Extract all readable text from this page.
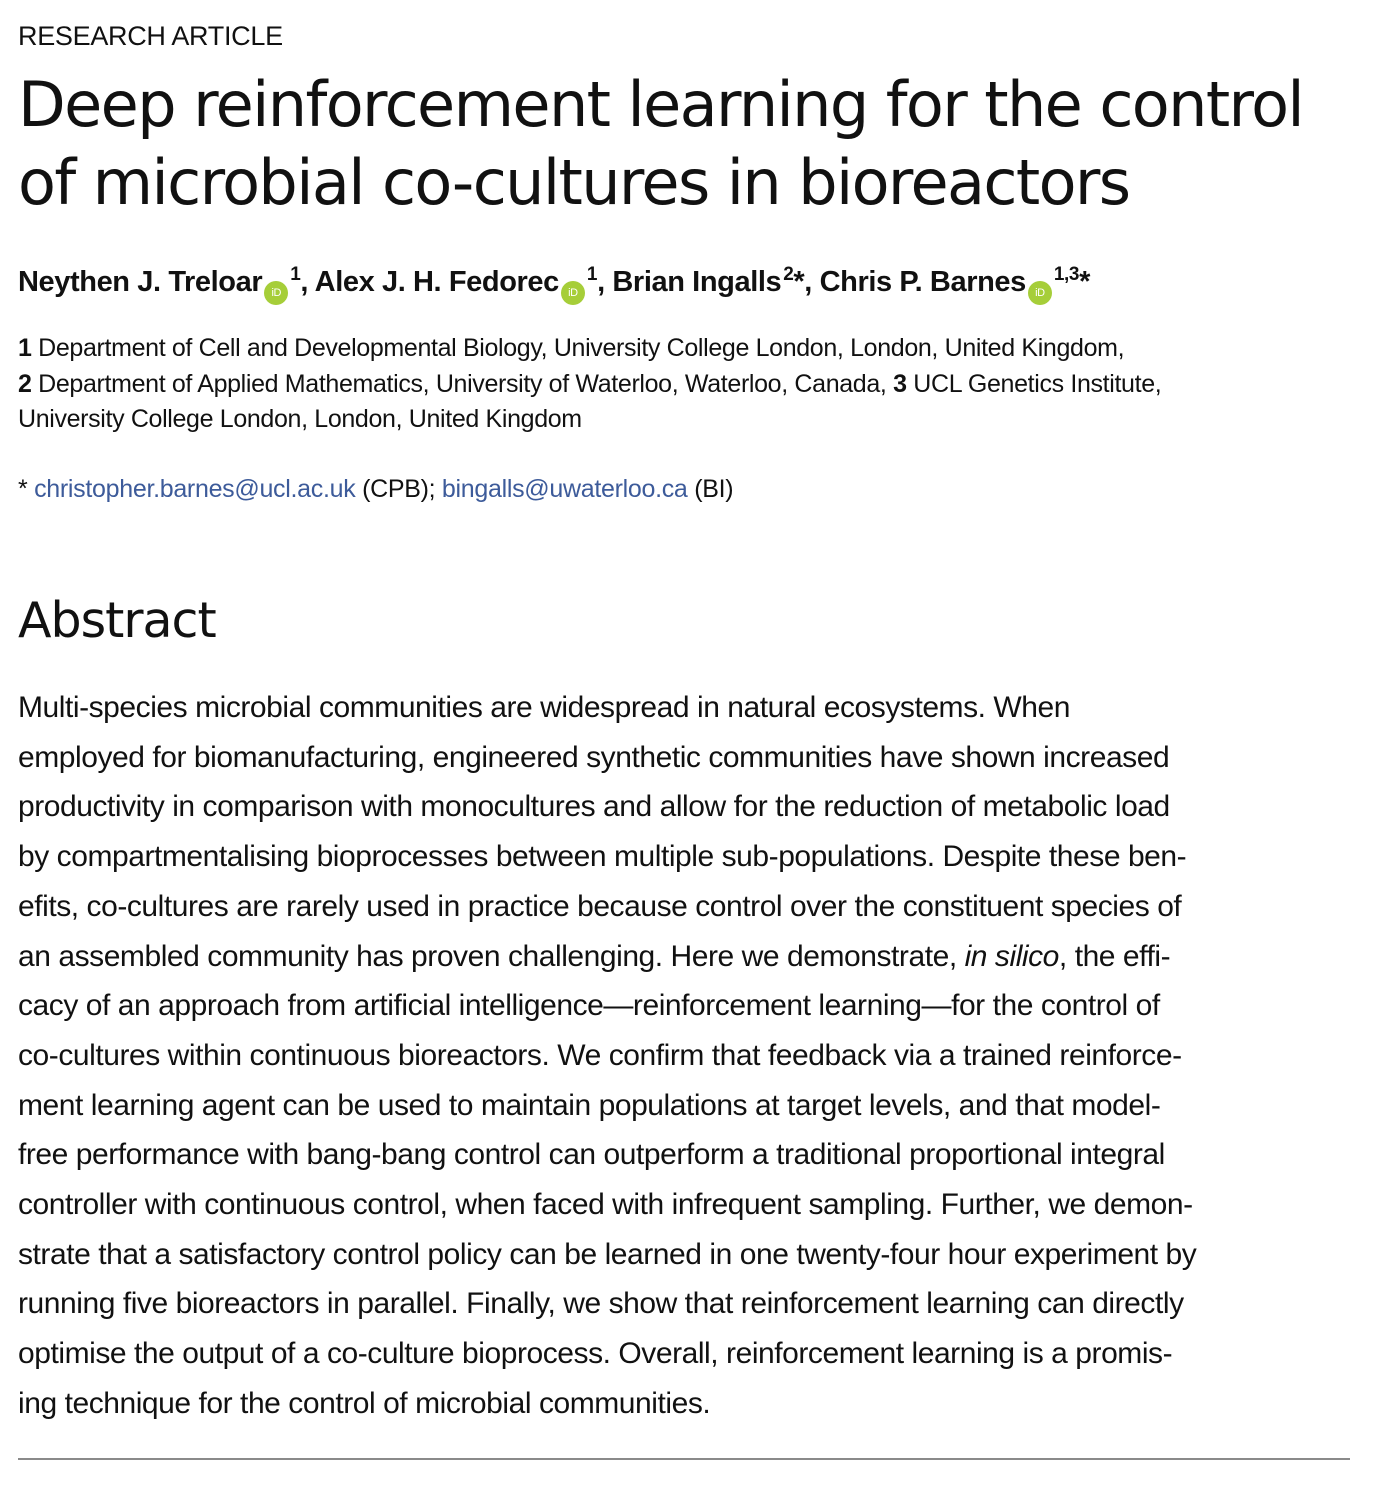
RESEARCH ARTICLE
Deep reinforcement learning for the control
of microbial co-cultures in bioreactors
Neythen J. Treloar $iD^1$, Alex J. H. Fedorec $iD^1$, Brian Ingalls $^2$*, Chris P. Barnes iD$^{1,3}$*
1 Department of Cell and Developmental Biology, University College London, London, United Kingdom,
2 Department of Applied Mathematics, University of Waterloo, Waterloo, Canada, 3 UCL Genetics Institute,
University College London, London, United Kingdom
* christopher.barnes@ucl.ac.uk (CPB); bingalls@uwaterloo.ca (BI)
Abstract
Multi-species microbial communities are widespread in natural ecosystems. When
employed for biomanufacturing, engineered synthetic communities have shown increased
productivity in comparison with monocultures and allow for the reduction of metabolic load
by compartmentalising bioprocesses between multiple sub-populations. Despite these ben-
efits, co-cultures are rarely used in practice because control over the constituent species of
an assembled community has proven challenging. Here we demonstrate, in silico, the effi-
cacy of an approach from artificial intelligence—reinforcement learning—for the control of
co-cultures within continuous bioreactors. We confirm that feedback via a trained reinforce-
ment learning agent can be used to maintain populations at target levels, and that model-
free performance with bang-bang control can outperform a traditional proportional integral
controller with continuous control, when faced with infrequent sampling. Further, we demon-
strate that a satisfactory control policy can be learned in one twenty-four hour experiment by
running five bioreactors in parallel. Finally, we show that reinforcement learning can directly
optimise the output of a co-culture bioprocess. Overall, reinforcement learning is a promis-
ing technique for the control of microbial communities.
